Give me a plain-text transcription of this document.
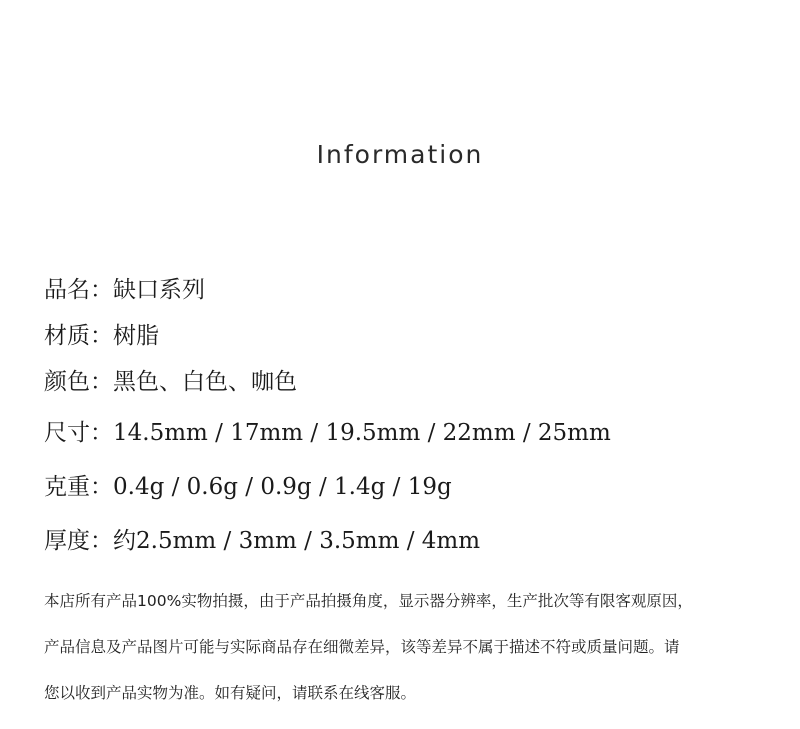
Information
品名：缺口系列
材质：树脂
颜色：黑色、白色、咖色
尺寸：14.5mm / 17mm / 19.5mm / 22mm / 25mm
克重：0.4g / 0.6g / 0.9g / 1.4g / 19g
厚度：约2.5mm / 3mm / 3.5mm / 4mm
本店所有产品100%实物拍摄，由于产品拍摄角度，显示器分辨率，生产批次等有限客观原因，
产品信息及产品图片可能与实际商品存在细微差异，该等差异不属于描述不符或质量问题。请
您以收到产品实物为准。如有疑问，请联系在线客服。
